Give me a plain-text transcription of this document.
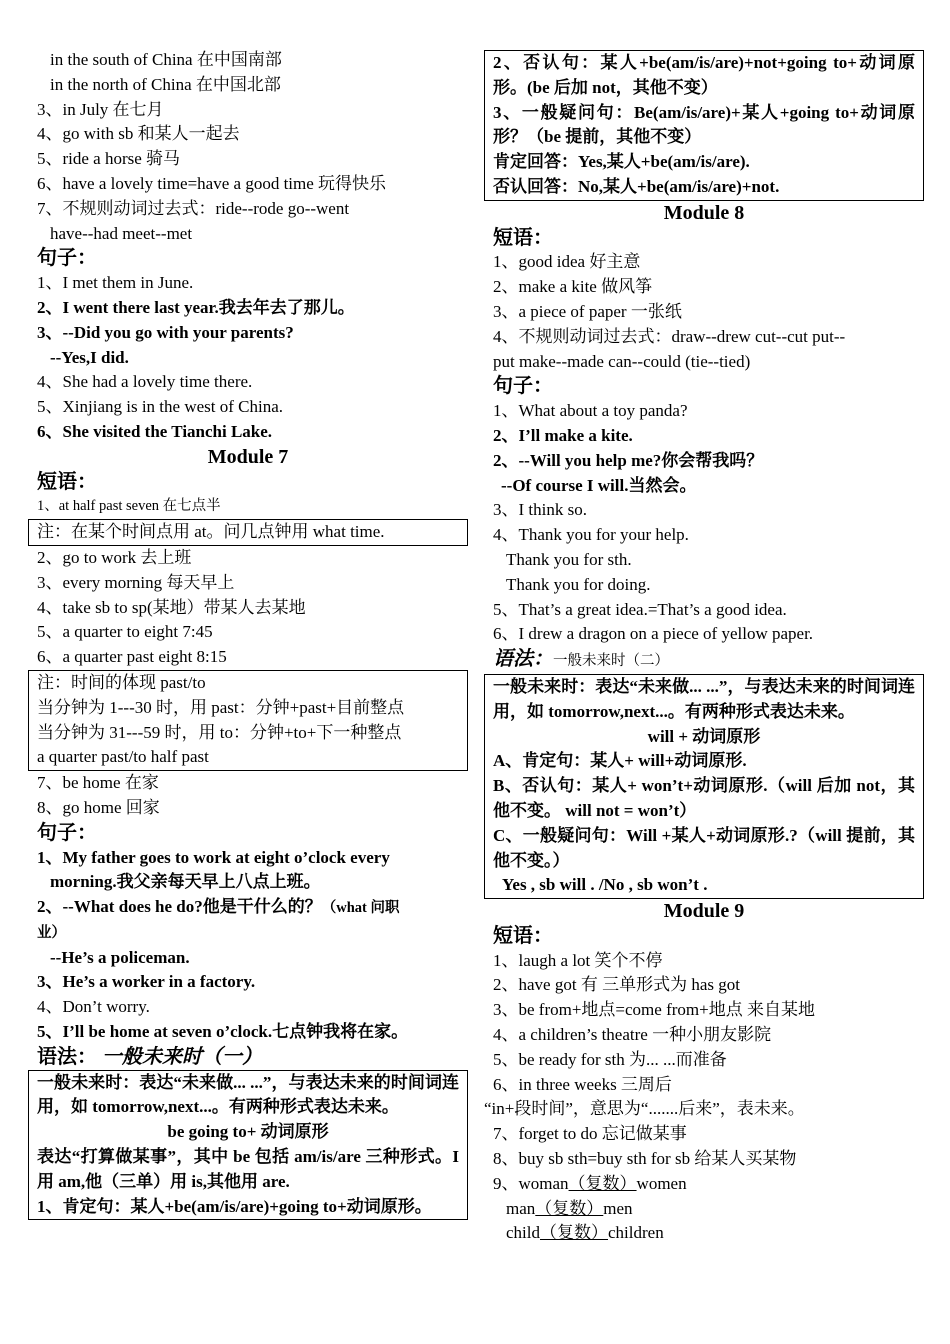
in the south of China 在中国南部
in the north of China 在中国北部
3、in July 在七月
4、go with sb 和某人一起去
5、ride a horse 骑马
6、have a lovely time=have a good time 玩得快乐
7、不规则动词过去式：ride--rode go--went
have--had meet--met
句子：
1、I met them in June.
2、I went there last year.我去年去了那儿。
3、--Did you go with your parents?
--Yes,I did.
4、She had a lovely time there.
5、Xinjiang is in the west of China.
6、She visited the Tianchi Lake.
Module 7
短语：
1、at half past seven 在七点半
注：在某个时间点用 at。问几点钟用 what time.
2、go to work 去上班
3、every morning 每天早上
4、take sb to sp(某地）带某人去某地
5、a quarter to eight 7:45
6、a quarter past eight 8:15
注：时间的体现 past/to
当分钟为 1---30 时，用 past：分钟+past+目前整点
当分钟为 31---59 时，用 to：分钟+to+下一种整点
a quarter past/to half past
7、be home 在家
8、go home 回家
句子：
1、My father goes to work at eight o’clock every
morning.我父亲每天早上八点上班。
2、--What does he do?他是干什么的？（what 问职
业）
--He’s a policeman.
3、He’s a worker in a factory.
4、Don’t worry.
5、I’ll be home at seven o’clock.七点钟我将在家。
语法： 一般未来时（一）
一般未来时：表达“未来做... ...”，与表达未来的时间词连用，如 tomorrow,next...。有两种形式表达未来。
be going to+ 动词原形
表达“打算做某事”，其中 be 包括 am/is/are 三种形式。I 用 am,他（三单）用 is,其他用 are.
1、肯定句：某人+be(am/is/are)+going to+动词原形。
2、否认句：某人+be(am/is/are)+not+going to+动词原形。(be 后加 not，其他不变）
3、一般疑问句：Be(am/is/are)+某人+going to+动词原形？（be 提前，其他不变）
肯定回答：Yes,某人+be(am/is/are).
否认回答：No,某人+be(am/is/are)+not.
Module 8
短语：
1、good idea 好主意
2、make a kite 做风筝
3、a piece of paper 一张纸
4、不规则动词过去式：draw--drew cut--cut put--
put make--made can--could (tie--tied)
句子：
1、What about a toy panda?
2、I’ll make a kite.
2、--Will you help me?你会帮我吗？
--Of course I will.当然会。
3、I think so.
4、Thank you for your help.
Thank you for sth.
Thank you for doing.
5、That’s a great idea.=That’s a good idea.
6、I drew a dragon on a piece of yellow paper.
语法：一般未来时（二）
一般未来时：表达“未来做... ...”，与表达未来的时间词连用，如 tomorrow,next...。有两种形式表达未来。
will + 动词原形
A、肯定句：某人+ will+动词原形.
B、否认句：某人+ won’t+动词原形.（will 后加 not，其他不变。 will not = won’t）
C、一般疑问句：Will +某人+动词原形.?（will 提前，其他不变。）
Yes , sb will . /No , sb won’t .
Module 9
短语：
1、laugh a lot 笑个不停
2、have got 有 三单形式为 has got
3、be from+地点=come from+地点 来自某地
4、a children’s theatre 一种小朋友影院
5、be ready for sth 为... ...而准备
6、in three weeks 三周后
“in+段时间”，意思为“.......后来”，表未来。
7、forget to do 忘记做某事
8、buy sb sth=buy sth for sb 给某人买某物
9、woman（复数）women
man（复数）men
child（复数）children
